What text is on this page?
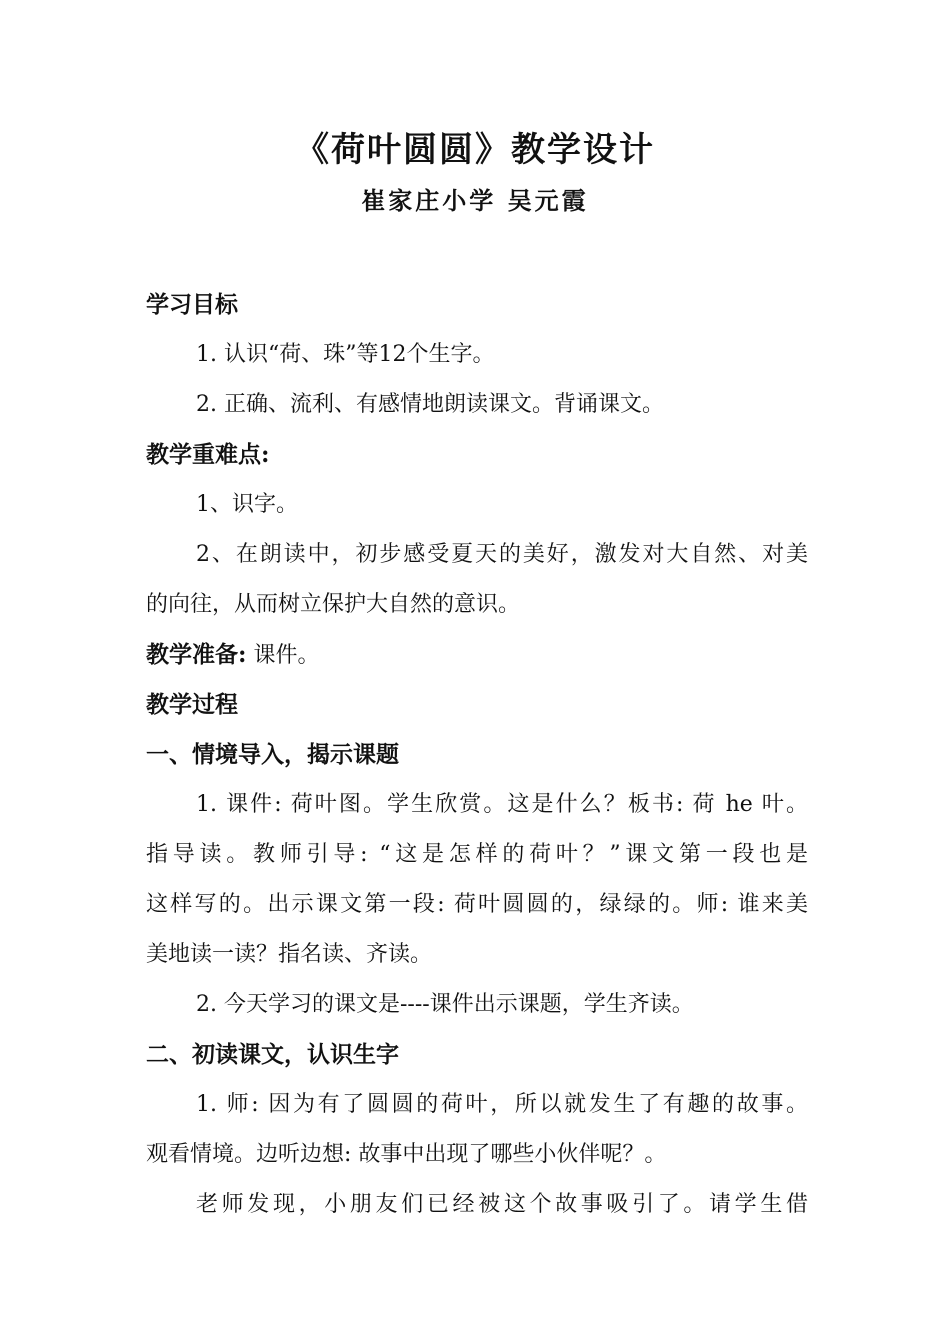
《荷叶圆圆》教学设计
崔家庄小学 吴元霞
学习目标
1. 认识“荷、珠”等12个生字。
2. 正确、流利、有感情地朗读课文。背诵课文。
教学重难点:
1、识字。
2、在朗读中，初步感受夏天的美好，激发对大自然、对美
的向往，从而树立保护大自然的意识。
教学准备: 课件。
教学过程
一、情境导入，揭示课题
1. 课件: 荷叶图。学生欣赏。这是什么？板书: 荷 he 叶。
指导读。教师引导: “这是怎样的荷叶？”课文第一段也是
这样写的。出示课文第一段: 荷叶圆圆的，绿绿的。师: 谁来美
美地读一读？指名读、齐读。
2. 今天学习的课文是----课件出示课题，学生齐读。
二、初读课文，认识生字
1. 师: 因为有了圆圆的荷叶，所以就发生了有趣的故事。
观看情境。边听边想: 故事中出现了哪些小伙伴呢？。
老师发现，小朋友们已经被这个故事吸引了。请学生借
